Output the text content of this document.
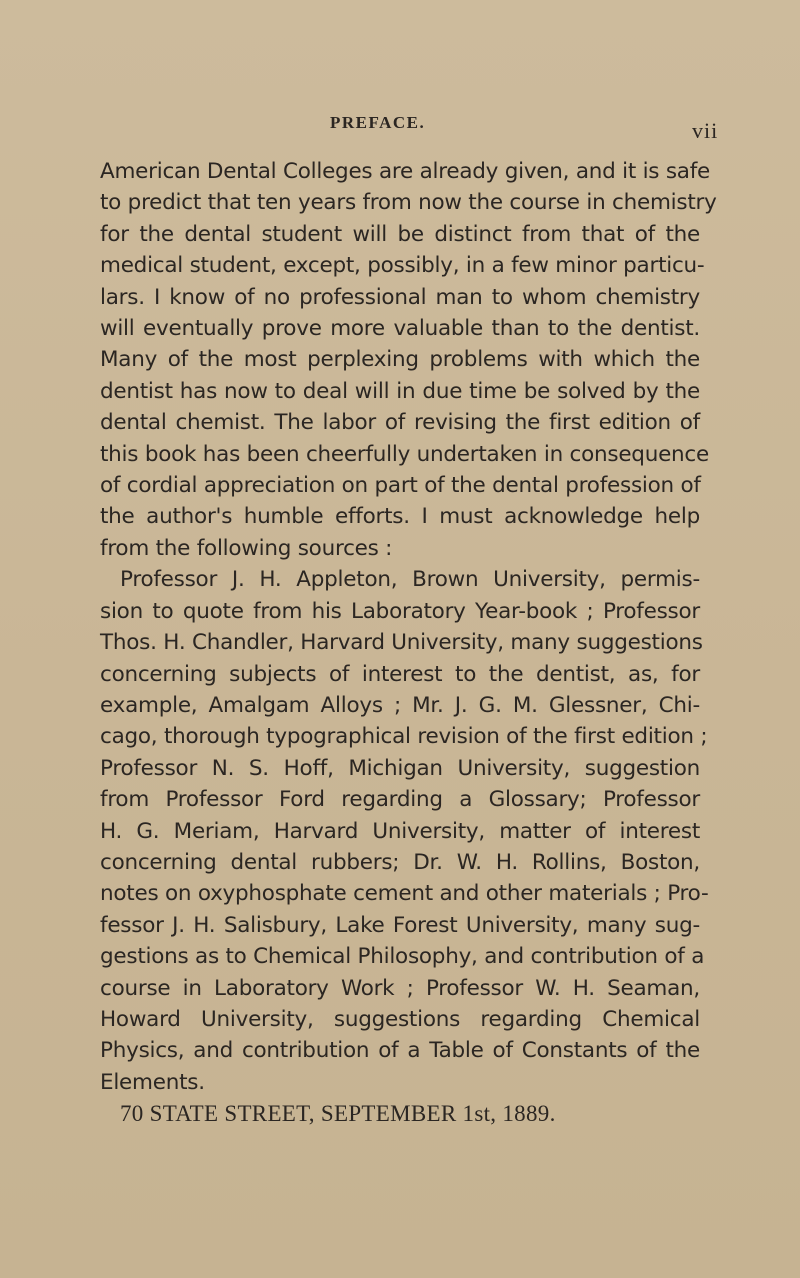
PREFACE.	vii

American Dental Colleges are already given, and it is safe
to predict that ten years from now the course in chemistry
for the dental student will be distinct from that of the
medical student, except, possibly, in a few minor particu-
lars. I know of no professional man to whom chemistry
will eventually prove more valuable than to the dentist.
Many of the most perplexing problems with which the
dentist has now to deal will in due time be solved by the
dental chemist. The labor of revising the first edition of
this book has been cheerfully undertaken in consequence
of cordial appreciation on part of the dental profession of
the author's humble efforts. I must acknowledge help
from the following sources :

Professor J. H. Appleton, Brown University, permis-
sion to quote from his Laboratory Year-book ; Professor
Thos. H. Chandler, Harvard University, many suggestions
concerning subjects of interest to the dentist, as, for
example, Amalgam Alloys ; Mr. J. G. M. Glessner, Chi-
cago, thorough typographical revision of the first edition ;
Professor N. S. Hoff, Michigan University, suggestion
from Professor Ford regarding a Glossary; Professor
H. G. Meriam, Harvard University, matter of interest
concerning dental rubbers; Dr. W. H. Rollins, Boston,
notes on oxyphosphate cement and other materials ; Pro-
fessor J. H. Salisbury, Lake Forest University, many sug-
gestions as to Chemical Philosophy, and contribution of a
course in Laboratory Work ; Professor W. H. Seaman,
Howard University, suggestions regarding Chemical
Physics, and contribution of a Table of Constants of the
Elements.

70 STATE STREET, SEPTEMBER 1st, 1889.
